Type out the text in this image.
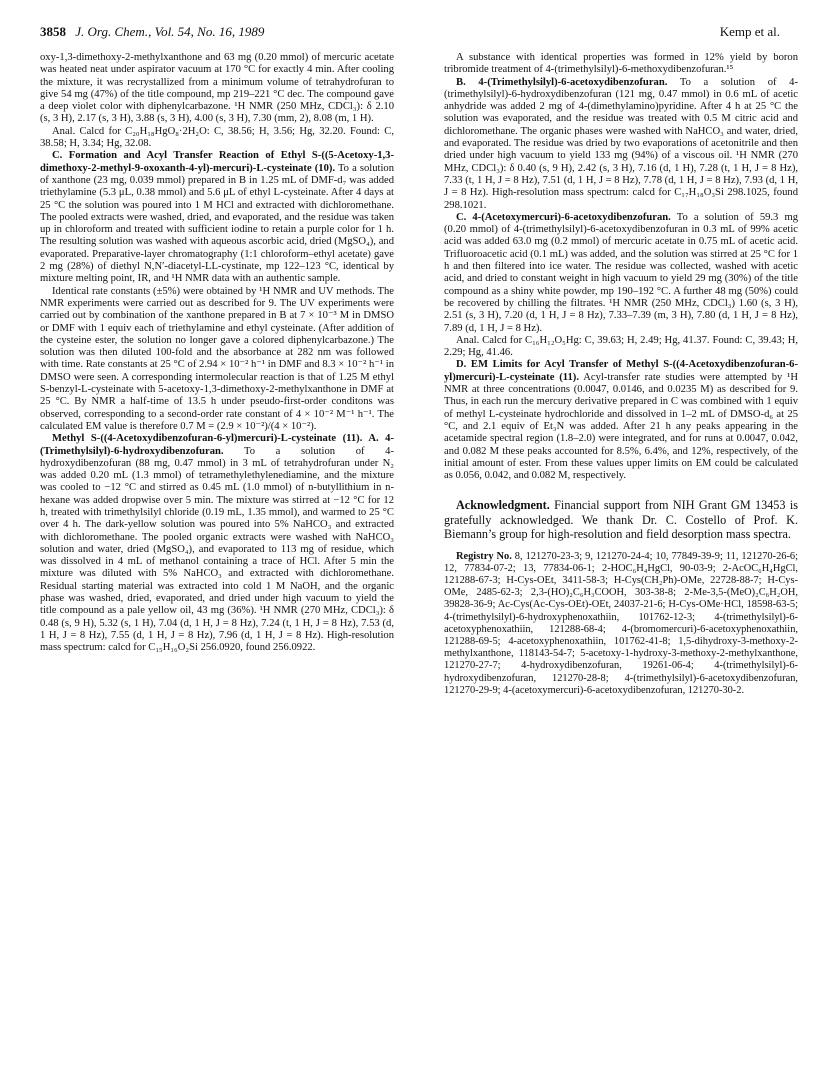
3858 J. Org. Chem., Vol. 54, No. 16, 1989	Kemp et al.

oxy-1,3-dimethoxy-2-methylxanthone and 63 mg (0.20 mmol) of mercuric acetate was heated neat under aspirator vacuum at 170 °C for exactly 4 min. After cooling the mixture, it was recrystallized from a minimum volume of tetrahydrofuran to give 54 mg (47%) of the title compound, mp 219–221 °C dec. The compound gave a deep violet color with diphenylcarbazone. ¹H NMR (250 MHz, CDCl₃): δ 2.10 (s, 3 H), 2.17 (s, 3 H), 3.88 (s, 3 H), 4.00 (s, 3 H), 7.30 (mm, 2), 8.08 (m, 1 H).

Anal. Calcd for C₂₀H₁₈HgO₈·2H₂O: C, 38.56; H, 3.56; Hg, 32.20. Found: C, 38.58; H, 3.34; Hg, 32.08.

C. Formation and Acyl Transfer Reaction of Ethyl S-((5-Acetoxy-1,3-dimethoxy-2-methyl-9-oxoxanth-4-yl)-mercuri)-L-cysteinate (10). To a solution of xanthone (23 mg, 0.039 mmol) prepared in B in 1.25 mL of DMF-d₇ was added triethylamine (5.3 μL, 0.38 mmol) and 5.6 μL of ethyl L-cysteinate. After 4 days at 25 °C the solution was poured into 1 M HCl and extracted with dichloromethane. The pooled extracts were washed, dried, and evaporated, and the residue was taken up in chloroform and treated with sufficient iodine to retain a purple color for 1 h. The resulting solution was washed with aqueous ascorbic acid, dried (MgSO₄), and evaporated. Preparative-layer chromatography (1:1 chloroform–ethyl acetate) gave 2 mg (28%) of diethyl N,N′-diacetyl-LL-cystinate, mp 122–123 °C, identical by mixture melting point, IR, and ¹H NMR data with an authentic sample.

Identical rate constants (±5%) were obtained by ¹H NMR and UV methods. The NMR experiments were carried out as described for 9. The UV experiments were carried out by combination of the xanthone prepared in B at 7 × 10⁻³ M in DMSO or DMF with 1 equiv each of triethylamine and ethyl cysteinate. (After addition of the cysteine ester, the solution no longer gave a colored diphenylcarbazone.) The solution was then diluted 100-fold and the absorbance at 282 nm was followed with time. Rate constants at 25 °C of 2.94 × 10⁻² h⁻¹ in DMF and 8.3 × 10⁻² h⁻¹ in DMSO were seen. A corresponding intermolecular reaction is that of 1.25 M ethyl S-benzyl-L-cysteinate with 5-acetoxy-1,3-dimethoxy-2-methylxanthone in DMF at 25 °C. By NMR a half-time of 13.5 h under pseudo-first-order conditons was observed, corresponding to a second-order rate constant of 4 × 10⁻² M⁻¹ h⁻¹. The calculated EM value is therefore 0.7 M = (2.9 × 10⁻²)/(4 × 10⁻²).

Methyl S-((4-Acetoxydibenzofuran-6-yl)mercuri)-L-cysteinate (11). A. 4-(Trimethylsilyl)-6-hydroxydibenzofuran. To a solution of 4-hydroxydibenzofuran (88 mg, 0.47 mmol) in 3 mL of tetrahydrofuran under N₂ was added 0.20 mL (1.3 mmol) of tetramethylethylenediamine, and the mixture was cooled to −12 °C and stirred as 0.45 mL (1.0 mmol) of n-butyllithium in n-hexane was added dropwise over 5 min. The mixture was stirred at −12 °C for 12 h, treated with trimethylsilyl chloride (0.19 mL, 1.35 mmol), and warmed to 25 °C over 4 h. The dark-yellow solution was poured into 5% NaHCO₃ and extracted with dichloromethane. The pooled organic extracts were washed with NaHCO₃ solution and water, dried (MgSO₄), and evaporated to 113 mg of residue, which was dissolved in 4 mL of methanol containing a trace of HCl. After 5 min the mixture was diluted with 5% NaHCO₃ and extracted with dichloromethane. Residual starting material was extracted into cold 1 M NaOH, and the organic phase was washed, dried, evaporated, and dried under high vacuum to yield the title compound as a pale yellow oil, 43 mg (36%). ¹H NMR (270 MHz, CDCl₃): δ 0.48 (s, 9 H), 5.32 (s, 1 H), 7.04 (d, 1 H, J = 8 Hz), 7.24 (t, 1 H, J = 8 Hz), 7.53 (d, 1 H, J = 8 Hz), 7.55 (d, 1 H, J = 8 Hz), 7.96 (d, 1 H, J = 8 Hz). High-resolution mass spectrum: calcd for C₁₅H₁₆O₂Si 256.0920, found 256.0922.

A substance with identical properties was formed in 12% yield by boron tribromide treatment of 4-(trimethylsilyl)-6-methoxydibenzofuran.¹⁵

B. 4-(Trimethylsilyl)-6-acetoxydibenzofuran. To a solution of 4-(trimethylsilyl)-6-hydroxydibenzofuran (121 mg, 0.47 mmol) in 0.6 mL of acetic anhydride was added 2 mg of 4-(dimethylamino)pyridine. After 4 h at 25 °C the solution was evaporated, and the residue was treated with 0.5 M citric acid and dichloromethane. The organic phases were washed with NaHCO₃ and water, dried, and evaporated. The residue was dried by two evaporations of acetonitrile and then dried under high vacuum to yield 133 mg (94%) of a viscous oil. ¹H NMR (270 MHz, CDCl₃): δ 0.40 (s, 9 H), 2.42 (s, 3 H), 7.16 (d, 1 H), 7.28 (t, 1 H, J = 8 Hz), 7.33 (t, 1 H, J = 8 Hz), 7.51 (d, 1 H, J = 8 Hz), 7.78 (d, 1 H, J = 8 Hz), 7.93 (d, 1 H, J = 8 Hz). High-resolution mass spectrum: calcd for C₁₇H₁₈O₃Si 298.1025, found 298.1021.

C. 4-(Acetoxymercuri)-6-acetoxydibenzofuran. To a solution of 59.3 mg (0.20 mmol) of 4-(trimethylsilyl)-6-acetoxydibenzofuran in 0.3 mL of 99% acetic acid was added 63.0 mg (0.2 mmol) of mercuric acetate in 0.75 mL of acetic acid. Trifluoroacetic acid (0.1 mL) was added, and the solution was stirred at 25 °C for 1 h and then filtered into ice water. The residue was collected, washed with acetic acid, and dried to constant weight in high vacuum to yield 29 mg (30%) of the title compound as a shiny white powder, mp 190–192 °C. A further 48 mg (50%) could be recovered by chilling the filtrates. ¹H NMR (250 MHz, CDCl₃) 1.60 (s, 3 H), 2.51 (s, 3 H), 7.20 (d, 1 H, J = 8 Hz), 7.33–7.39 (m, 3 H), 7.80 (d, 1 H, J = 8 Hz), 7.89 (d, 1 H, J = 8 Hz).

Anal. Calcd for C₁₆H₁₂O₅Hg: C, 39.63; H, 2.49; Hg, 41.37. Found: C, 39.43; H, 2.29; Hg, 41.46.

D. EM Limits for Acyl Transfer of Methyl S-((4-Acetoxydibenzofuran-6-yl)mercuri)-L-cysteinate (11). Acyl-transfer rate studies were attempted by ¹H NMR at three concentrations (0.0047, 0.0146, and 0.0235 M) as described for 9. Thus, in each run the mercury derivative prepared in C was combined with 1 equiv of methyl L-cysteinate hydrochloride and dissolved in 1–2 mL of DMSO-d₆ at 25 °C, and 2.1 equiv of Et₃N was added. After 21 h any peaks appearing in the acetamide spectral region (1.8–2.0) were integrated, and for runs at 0.0047, 0.042, and 0.082 M these peaks accounted for 8.5%, 6.4%, and 12%, respectively, of the initial amount of ester. From these values upper limits on EM could be calculated as 0.056, 0.042, and 0.082 M, respectively.

Acknowledgment. Financial support from NIH Grant GM 13453 is gratefully acknowledged. We thank Dr. C. Costello of Prof. K. Biemann’s group for high-resolution and field desorption mass spectra.

Registry No. 8, 121270-23-3; 9, 121270-24-4; 10, 77849-39-9; 11, 121270-26-6; 12, 77834-07-2; 13, 77834-06-1; 2-HOC₆H₄HgCl, 90-03-9; 2-AcOC₆H₄HgCl, 121288-67-3; H-Cys-OEt, 3411-58-3; H-Cys(CH₂Ph)-OMe, 22728-88-7; H-Cys-OMe, 2485-62-3; 2,3-(HO)₂C₆H₃COOH, 303-38-8; 2-Me-3,5-(MeO)₂C₆H₂OH, 39828-36-9; Ac-Cys(Ac-Cys-OEt)-OEt, 24037-21-6; H-Cys-OMe·HCl, 18598-63-5; 4-(trimethylsilyl)-6-hydroxyphenoxathiin, 101762-12-3; 4-(trimethylsilyl)-6-acetoxyphenoxathiin, 121288-68-4; 4-(bromomercuri)-6-acetoxyphenoxathiin, 121288-69-5; 4-acetoxyphenoxathiin, 101762-41-8; 1,5-dihydroxy-3-methoxy-2-methylxanthone, 118143-54-7; 5-acetoxy-1-hydroxy-3-methoxy-2-methylxanthone, 121270-27-7; 4-hydroxydibenzofuran, 19261-06-4; 4-(trimethylsilyl)-6-hydroxydibenzofuran, 121270-28-8; 4-(trimethylsilyl)-6-acetoxydibenzofuran, 121270-29-9; 4-(acetoxymercuri)-6-acetoxydibenzofuran, 121270-30-2.
